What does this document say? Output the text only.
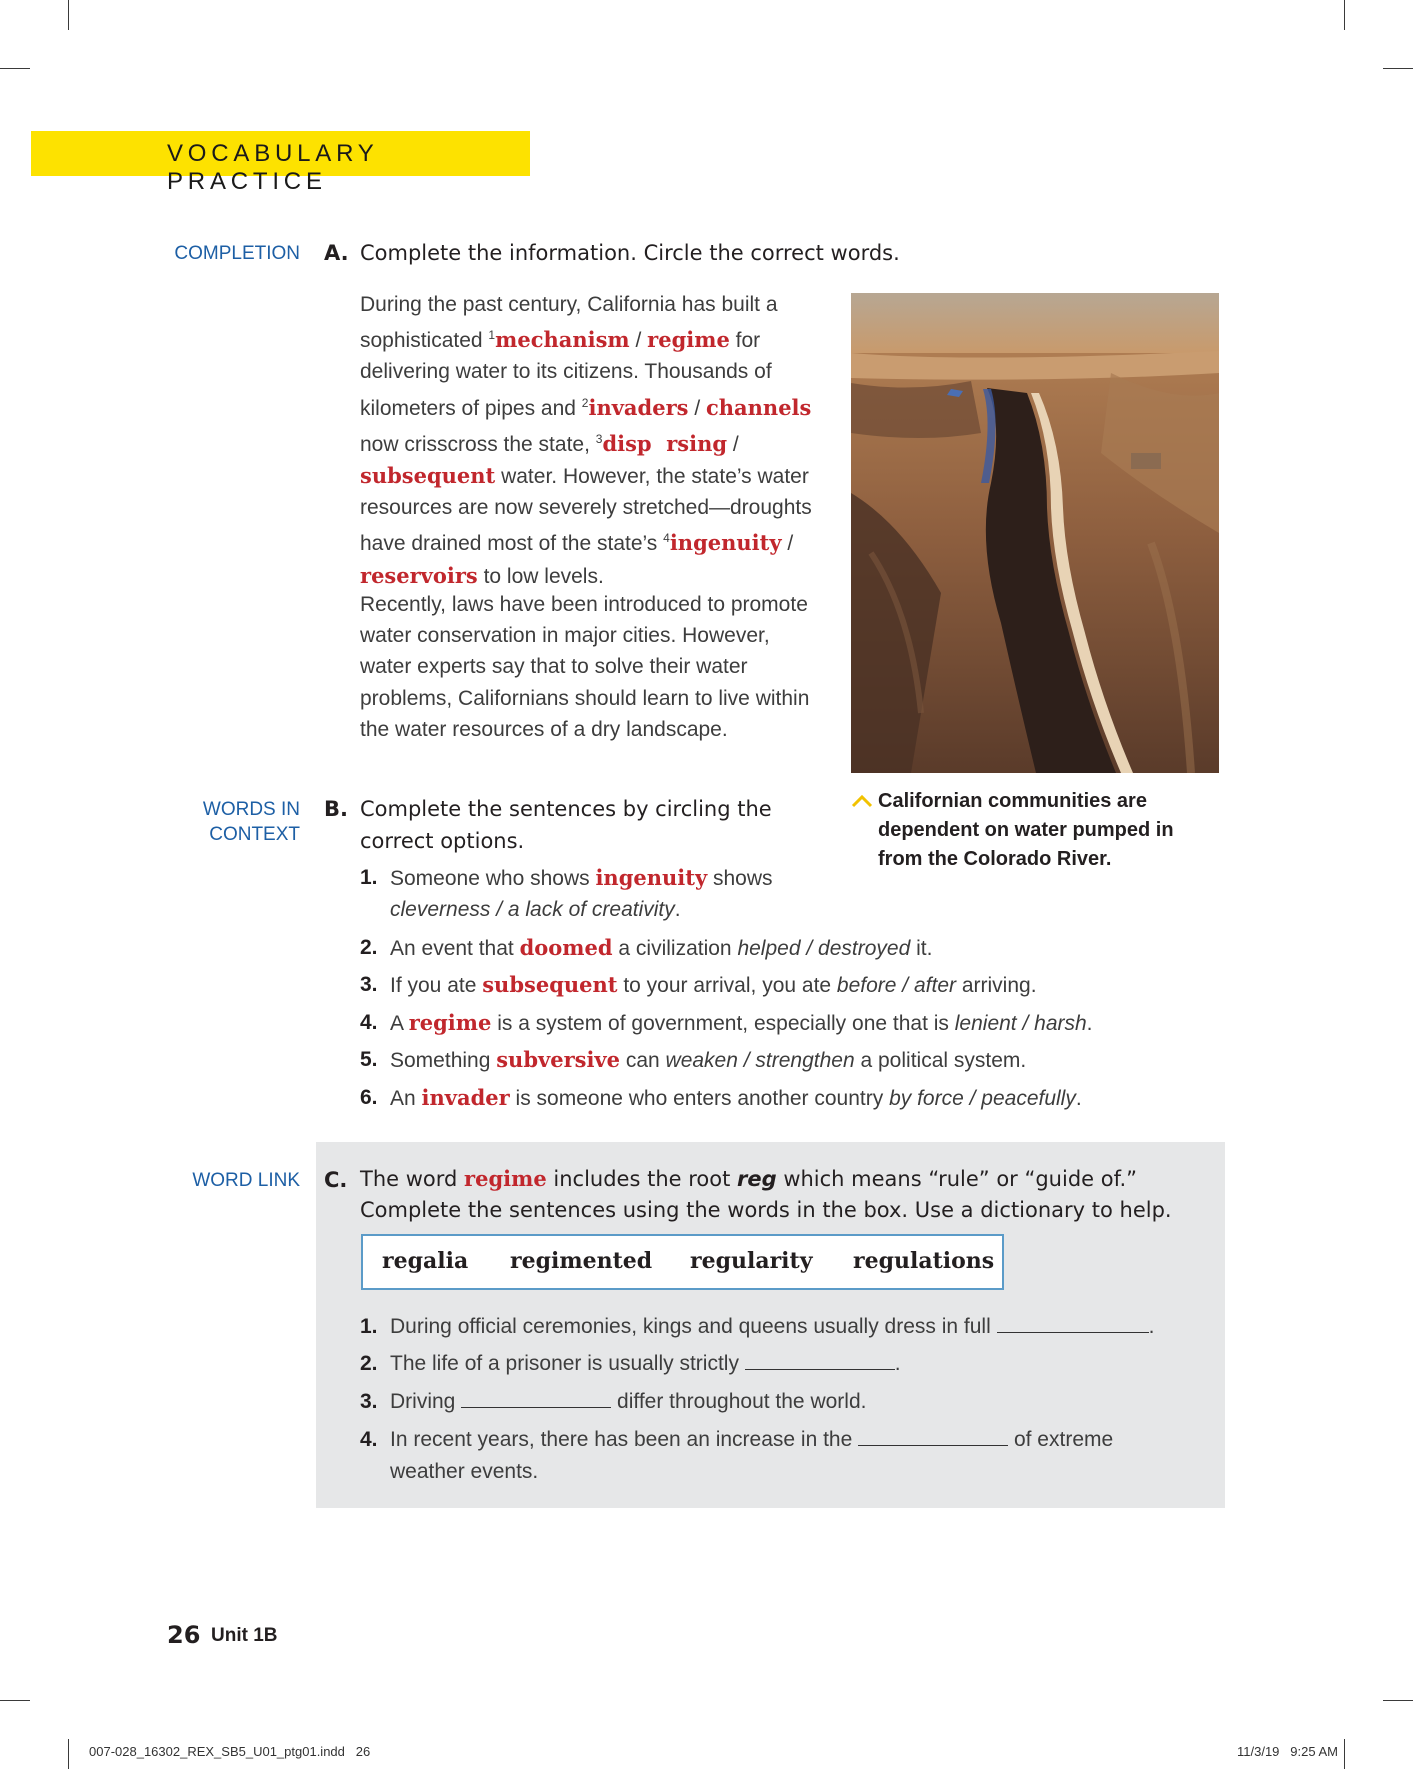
VOCABULARY PRACTICE
COMPLETION A. Complete the information. Circle the correct words.
During the past century, California has built a sophisticated $^1$mechanism / regime for delivering water to its citizens. Thousands of kilometers of pipes and $^2$invaders / channels now crisscross the state, $^3$disp  rsing / subsequent water. However, the state’s water resources are now severely stretched—droughts have drained most of the state’s $^4$ingenuity / reservoirs to low levels.
Recently, laws have been introduced to promote water conservation in major cities. However, water experts say that to solve their water problems, Californians should learn to live within the water resources of a dry landscape.
Californian communities are dependent on water pumped in from the Colorado River.
WORDS IN
CONTEXT
B. Complete the sentences by circling the
correct options.
1. Someone who shows ingenuity shows
cleverness / a lack of creativity.
2. An event that doomed a civilization helped / destroyed it.
3. If you ate subsequent to your arrival, you ate before / after arriving.
4. A regime is a system of government, especially one that is lenient / harsh.
5. Something subversive can weaken / strengthen a political system.
6. An invader is someone who enters another country by force / peacefully.
WORD LINK C. The word regime includes the root reg which means “rule” or “guide of.”
Complete the sentences using the words in the box. Use a dictionary to help.
regalia regimented regularity regulations
1. During official ceremonies, kings and queens usually dress in full	.
2. The life of a prisoner is usually strictly	.
3. Driving	differ throughout the world.
4. In recent years, there has been an increase in the	of extreme
weather events.
26 Unit 1B
007-028_16302_REX_SB5_U01_ptg01.indd   26	11/3/19   9:25 AM
